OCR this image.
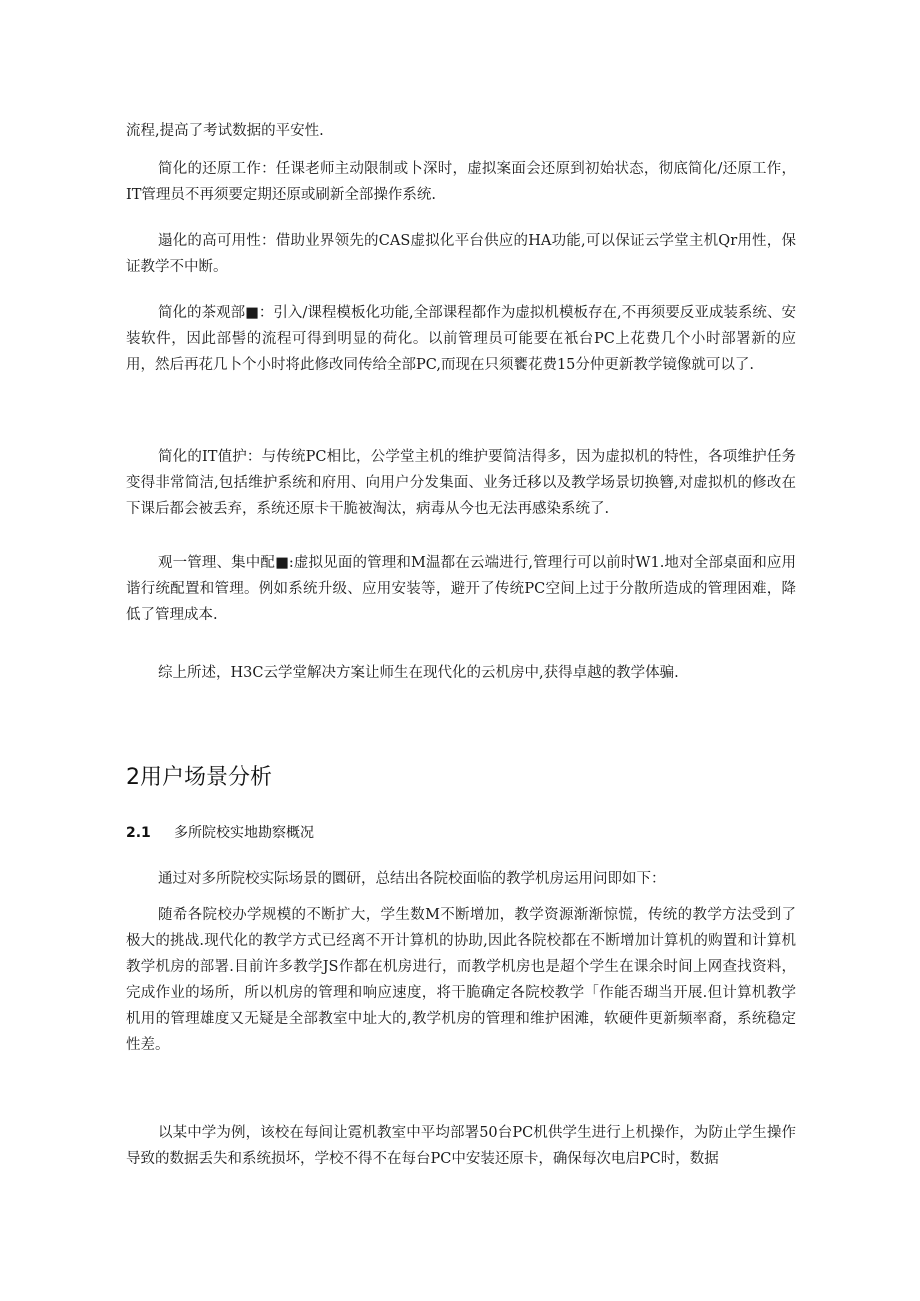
流程,提高了考试数据的平安性.

简化的还原工作：任课老师主动限制或卜深时，虚拟案面会还原到初始状态，彻底简化/还原工作，IT管理员不再须要定期还原或刷新全部操作系统.

遢化的高可用性：借助业界领先的CAS虚拟化平台供应的HA功能,可以保证云学堂主机Qr用性，保证教学不中断。

简化的茶观部■：引入/课程模板化功能,全部课程都作为虚拟机模板存在,不再须要反亚成装系统、安装软件，因此部髻的流程可得到明显的荷化。以前管理员可能要在衹台PC上花费几个小时部署新的应用，然后再花几卜个小时将此修改同传给全部PC,而现在只须饔花费15分仲更新教学镜像就可以了.

简化的IT值护：与传统PC相比，公学堂主机的维护要简洁得多，因为虚拟机的特性，各项维护任务变得非常简洁,包括维护系统和府用、向用户分发集面、业务迁移以及教学场景切换簪,对虚拟机的修改在下课后都会被丢弃，系统还原卡干脆被淘汰，病毒从今也无法再感染系统了.

观一管理、集中配■:虚拟见面的管理和M温都在云端进行,管理行可以前时W1.地对全部桌面和应用谐行统配置和管理。例如系统升级、应用安装等，避开了传统PC空间上过于分散所造成的管理困难，降低了管理成本.

综上所述，H3C云学堂解决方案让师生在现代化的云机房中,获得卓越的教学体骗.

2用户场景分析
2.1 多所院校实地勘察概况

通过对多所院校实际场景的圜研，总结出各院校面临的教学机房运用问即如下：

随希各院校办学规模的不断扩大，学生数M不断增加，教学资源渐渐惊慌，传统的教学方法受到了极大的挑战.现代化的教学方式已经离不开计算机的协助,因此各院校都在不断增加计算机的购置和计算机教学机房的部署.目前许多教学JS作都在机房进行，而教学机房也是超个学生在课余时间上网查找资料，完成作业的场所，所以机房的管理和响应速度，将干脆确定各院校教学「作能否瑚当开展.但计算机教学机用的管理雄度又无疑是全部教室中址大的,教学机房的管理和维护困滩，软硬件更新频率裔，系统稳定性差。

以某中学为例，该校在每间让霓机教室中平均部署50台PC机供学生进行上机操作，为防止学生操作导致的数据丢失和系统损坏，学校不得不在每台PC中安装还原卡，确保每次电启PC时，数据
